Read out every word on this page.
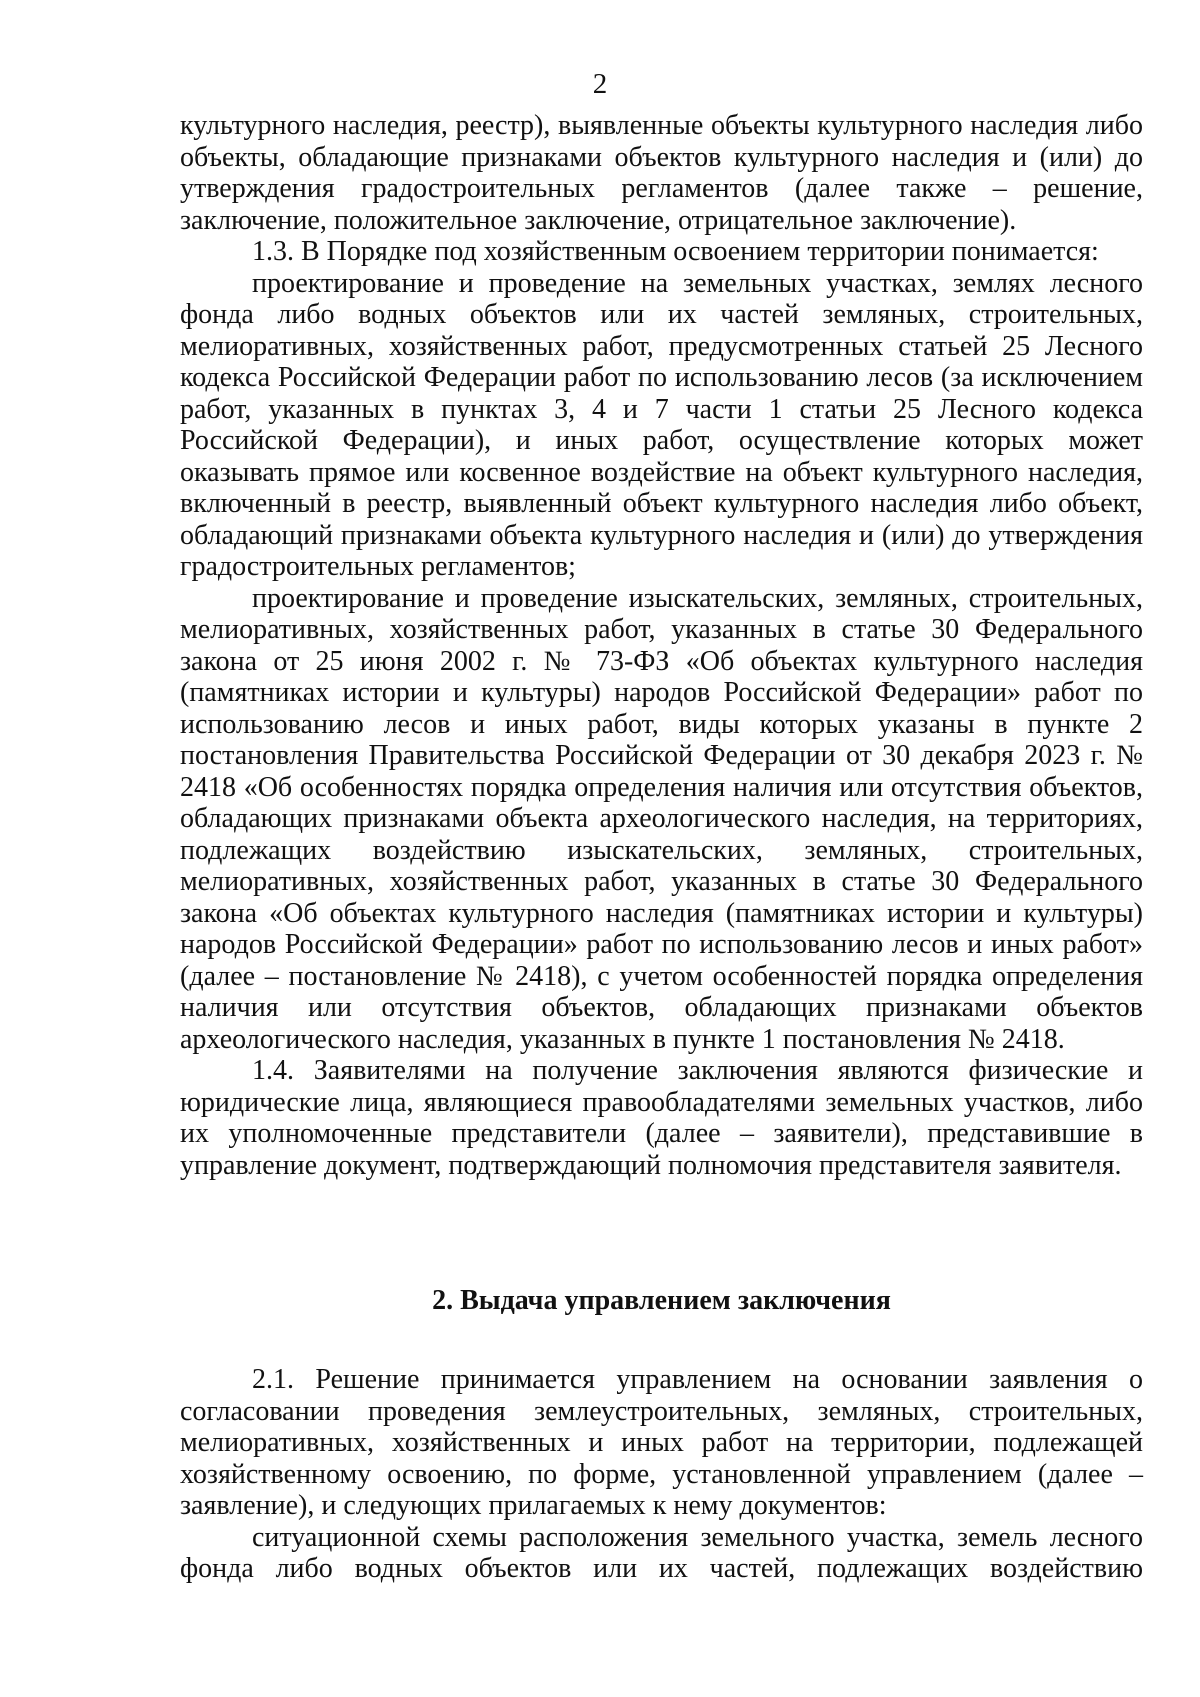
2

культурного наследия, реестр), выявленные объекты культурного наследия либо объекты, обладающие признаками объектов культурного наследия и (или) до утверждения градостроительных регламентов (далее также – решение, заключение, положительное заключение, отрицательное заключение).

1.3. В Порядке под хозяйственным освоением территории понимается:

проектирование и проведение на земельных участках, землях лесного фонда либо водных объектов или их частей земляных, строительных, мелиоративных, хозяйственных работ, предусмотренных статьей 25 Лесного кодекса Российской Федерации работ по использованию лесов (за исключением работ, указанных в пунктах 3, 4 и 7 части 1 статьи 25 Лесного кодекса Российской Федерации), и иных работ, осуществление которых может оказывать прямое или косвенное воздействие на объект культурного наследия, включенный в реестр, выявленный объект культурного наследия либо объект, обладающий признаками объекта культурного наследия и (или) до утверждения градостроительных регламентов;

проектирование и проведение изыскательских, земляных, строительных, мелиоративных, хозяйственных работ, указанных в статье 30 Федерального закона от 25 июня 2002 г. № 73-ФЗ «Об объектах культурного наследия (памятниках истории и культуры) народов Российской Федерации» работ по использованию лесов и иных работ, виды которых указаны в пункте 2 постановления Правительства Российской Федерации от 30 декабря 2023 г. № 2418 «Об особенностях порядка определения наличия или отсутствия объектов, обладающих признаками объекта археологического наследия, на территориях, подлежащих воздействию изыскательских, земляных, строительных, мелиоративных, хозяйственных работ, указанных в статье 30 Федерального закона «Об объектах культурного наследия (памятниках истории и культуры) народов Российской Федерации» работ по использованию лесов и иных работ» (далее – постановление № 2418), с учетом особенностей порядка определения наличия или отсутствия объектов, обладающих признаками объектов археологического наследия, указанных в пункте 1 постановления № 2418.

1.4. Заявителями на получение заключения являются физические и юридические лица, являющиеся правообладателями земельных участков, либо их уполномоченные представители (далее – заявители), представившие в управление документ, подтверждающий полномочия представителя заявителя.

2. Выдача управлением заключения

2.1. Решение принимается управлением на основании заявления о согласовании проведения землеустроительных, земляных, строительных, мелиоративных, хозяйственных и иных работ на территории, подлежащей хозяйственному освоению, по форме, установленной управлением (далее – заявление), и следующих прилагаемых к нему документов:

ситуационной схемы расположения земельного участка, земель лесного фонда либо водных объектов или их частей, подлежащих воздействию
